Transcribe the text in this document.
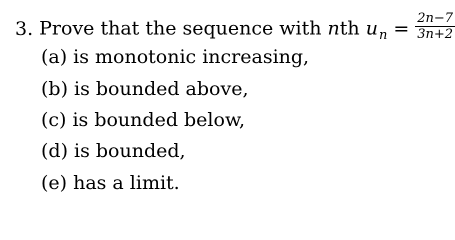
3. Prove that the sequence with nth $u_n = \frac{2n-7}{3n+2}$
(a) is monotonic increasing,
(b) is bounded above,
(c) is bounded below,
(d) is bounded,
(e) has a limit.
